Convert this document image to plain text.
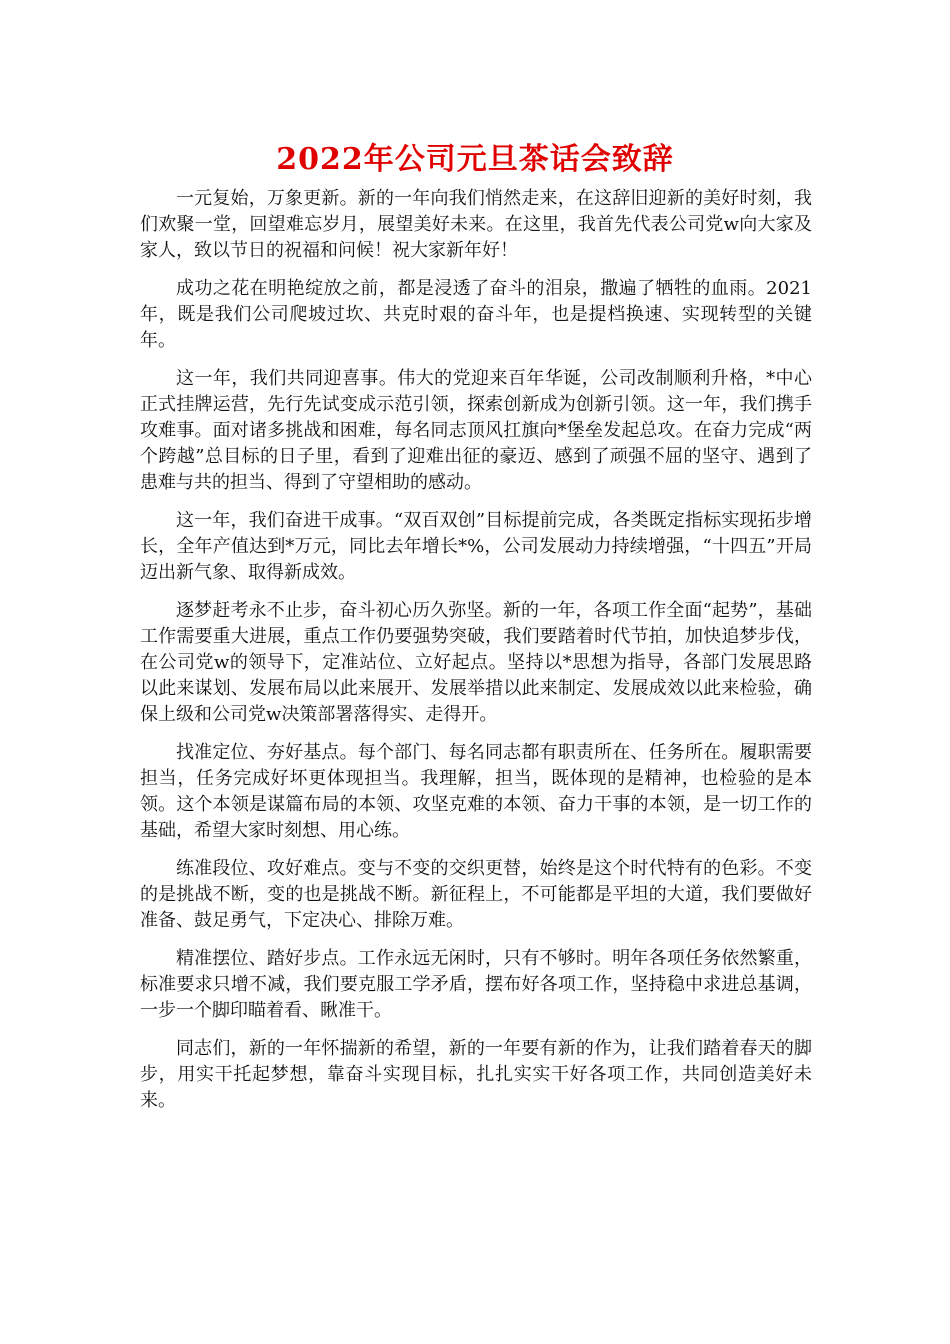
2022年公司元旦茶话会致辞

一元复始，万象更新。新的一年向我们悄然走来，在这辞旧迎新的美好时刻，我们欢聚一堂，回望难忘岁月，展望美好未来。在这里，我首先代表公司党w向大家及家人，致以节日的祝福和问候！祝大家新年好！

成功之花在明艳绽放之前，都是浸透了奋斗的泪泉，撒遍了牺牲的血雨。2021年，既是我们公司爬坡过坎、共克时艰的奋斗年，也是提档换速、实现转型的关键年。

这一年，我们共同迎喜事。伟大的党迎来百年华诞，公司改制顺利升格，*中心正式挂牌运营，先行先试变成示范引领，探索创新成为创新引领。这一年，我们携手攻难事。面对诸多挑战和困难，每名同志顶风扛旗向*堡垒发起总攻。在奋力完成“两个跨越”总目标的日子里，看到了迎难出征的豪迈、感到了顽强不屈的坚守、遇到了患难与共的担当、得到了守望相助的感动。

这一年，我们奋进干成事。“双百双创”目标提前完成，各类既定指标实现拓步增长，全年产值达到*万元，同比去年增长*%，公司发展动力持续增强，“十四五”开局迈出新气象、取得新成效。

逐梦赶考永不止步，奋斗初心历久弥坚。新的一年，各项工作全面“起势”，基础工作需要重大进展，重点工作仍要强势突破，我们要踏着时代节拍，加快追梦步伐，在公司党w的领导下，定准站位、立好起点。坚持以*思想为指导，各部门发展思路以此来谋划、发展布局以此来展开、发展举措以此来制定、发展成效以此来检验，确保上级和公司党w决策部署落得实、走得开。

找准定位、夯好基点。每个部门、每名同志都有职责所在、任务所在。履职需要担当，任务完成好坏更体现担当。我理解，担当，既体现的是精神，也检验的是本领。这个本领是谋篇布局的本领、攻坚克难的本领、奋力干事的本领，是一切工作的基础，希望大家时刻想、用心练。

练准段位、攻好难点。变与不变的交织更替，始终是这个时代特有的色彩。不变的是挑战不断，变的也是挑战不断。新征程上，不可能都是平坦的大道，我们要做好准备、鼓足勇气，下定决心、排除万难。

精准摆位、踏好步点。工作永远无闲时，只有不够时。明年各项任务依然繁重，标准要求只增不减，我们要克服工学矛盾，摆布好各项工作，坚持稳中求进总基调，一步一个脚印瞄着看、瞅准干。

同志们，新的一年怀揣新的希望，新的一年要有新的作为，让我们踏着春天的脚步，用实干托起梦想，靠奋斗实现目标，扎扎实实干好各项工作，共同创造美好未来。
